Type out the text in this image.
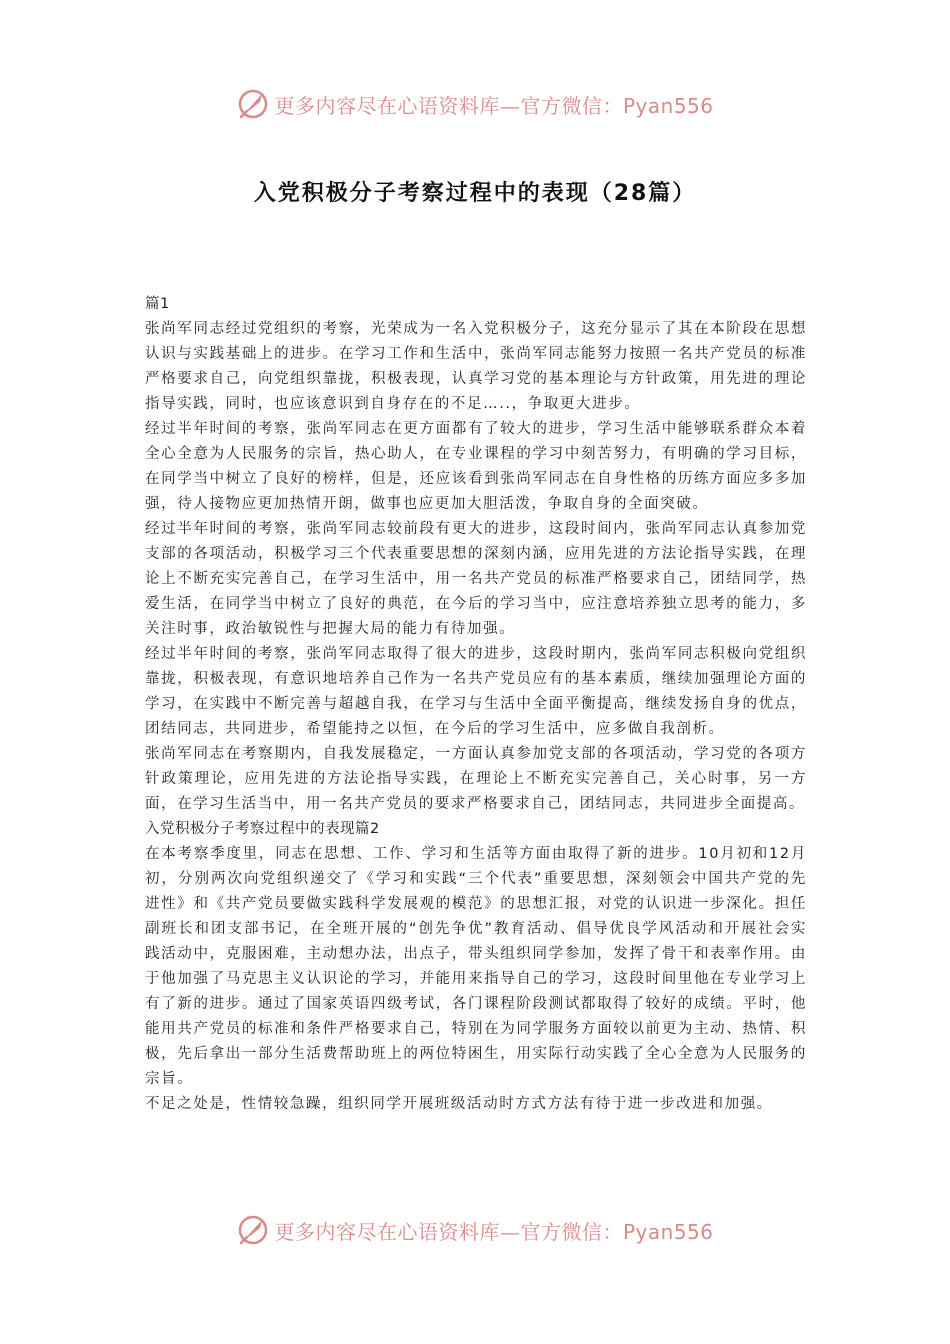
更多内容尽在心语资料库—官方微信：Pyan556
入党积极分子考察过程中的表现（28篇）

篇1

张尚军同志经过党组织的考察，光荣成为一名入党积极分子，这充分显示了其在本阶段在思想认识与实践基础上的进步。在学习工作和生活中，张尚军同志能努力按照一名共产党员的标准严格要求自己，向党组织靠拢，积极表现，认真学习党的基本理论与方针政策，用先进的理论指导实践，同时，也应该意识到自身存在的不足…..，争取更大进步。

经过半年时间的考察，张尚军同志在更方面都有了较大的进步，学习生活中能够联系群众本着全心全意为人民服务的宗旨，热心助人，在专业课程的学习中刻苦努力，有明确的学习目标，在同学当中树立了良好的榜样，但是，还应该看到张尚军同志在自身性格的历练方面应多多加强，待人接物应更加热情开朗，做事也应更加大胆活泼，争取自身的全面突破。

经过半年时间的考察，张尚军同志较前段有更大的进步，这段时间内，张尚军同志认真参加党支部的各项活动，积极学习三个代表重要思想的深刻内涵，应用先进的方法论指导实践，在理论上不断充实完善自己，在学习生活中，用一名共产党员的标准严格要求自己，团结同学，热爱生活，在同学当中树立了良好的典范，在今后的学习当中，应注意培养独立思考的能力，多关注时事，政治敏锐性与把握大局的能力有待加强。

经过半年时间的考察，张尚军同志取得了很大的进步，这段时期内，张尚军同志积极向党组织靠拢，积极表现，有意识地培养自己作为一名共产党员应有的基本素质，继续加强理论方面的学习，在实践中不断完善与超越自我，在学习与生活中全面平衡提高，继续发扬自身的优点，团结同志，共同进步，希望能持之以恒，在今后的学习生活中，应多做自我剖析。

张尚军同志在考察期内，自我发展稳定，一方面认真参加党支部的各项活动，学习党的各项方针政策理论，应用先进的方法论指导实践，在理论上不断充实完善自己，关心时事，另一方面，在学习生活当中，用一名共产党员的要求严格要求自己，团结同志，共同进步全面提高。

入党积极分子考察过程中的表现篇2

在本考察季度里，同志在思想、工作、学习和生活等方面由取得了新的进步。10月初和12月初，分别两次向党组织递交了《学习和实践“三个代表”重要思想，深刻领会中国共产党的先进性》和《共产党员要做实践科学发展观的模范》的思想汇报，对党的认识进一步深化。担任副班长和团支部书记，在全班开展的“创先争优”教育活动、倡导优良学风活动和开展社会实践活动中，克服困难，主动想办法，出点子，带头组织同学参加，发挥了骨干和表率作用。由于他加强了马克思主义认识论的学习，并能用来指导自己的学习，这段时间里他在专业学习上有了新的进步。通过了国家英语四级考试，各门课程阶段测试都取得了较好的成绩。平时，他能用共产党员的标准和条件严格要求自己，特别在为同学服务方面较以前更为主动、热情、积极，先后拿出一部分生活费帮助班上的两位特困生，用实际行动实践了全心全意为人民服务的宗旨。

不足之处是，性情较急躁，组织同学开展班级活动时方式方法有待于进一步改进和加强。

更多内容尽在心语资料库—官方微信：Pyan556
